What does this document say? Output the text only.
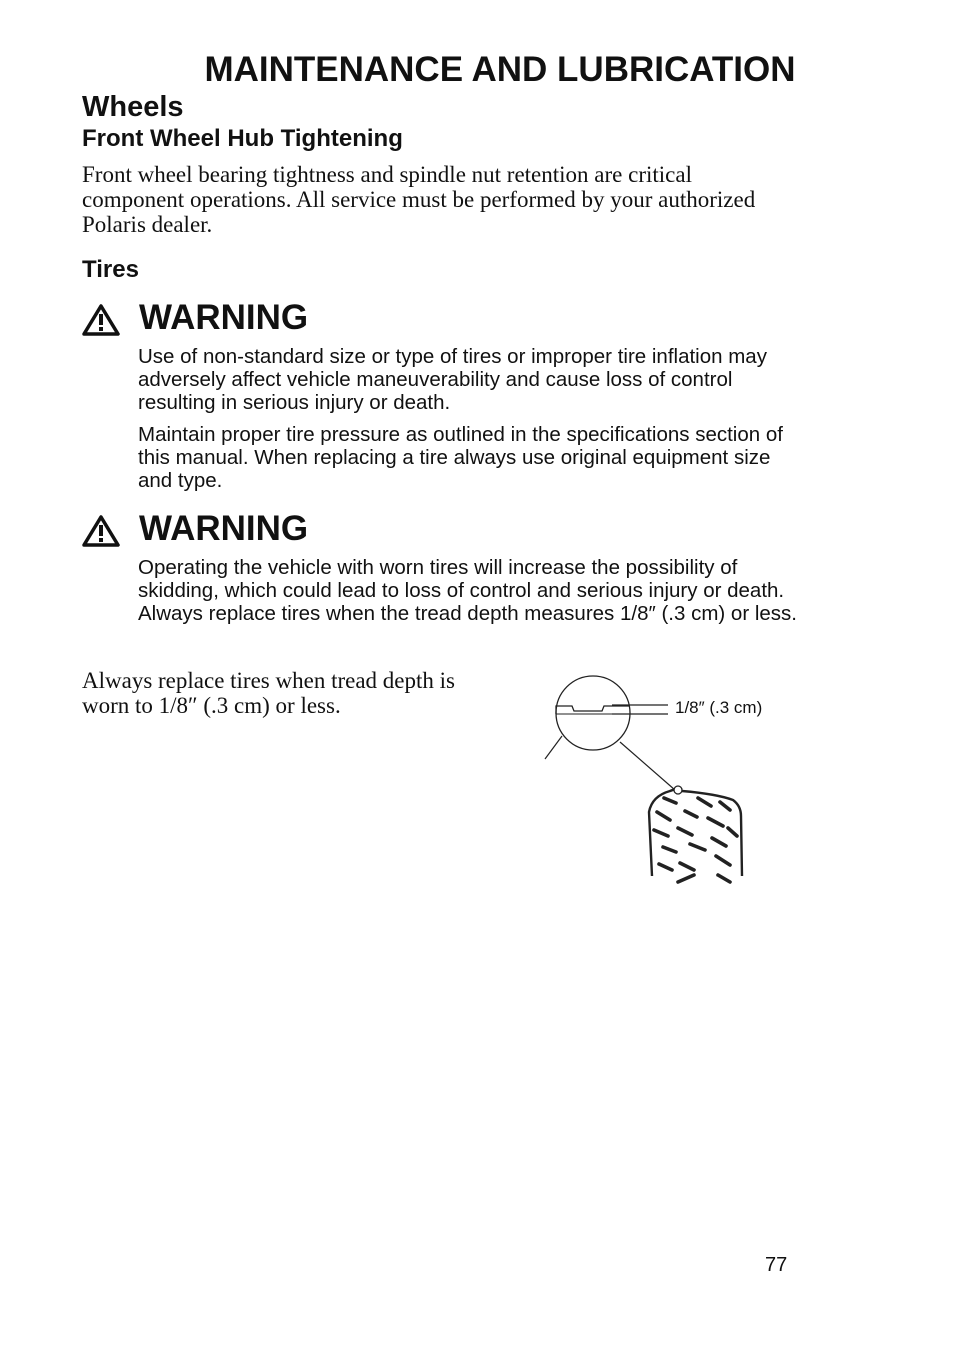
MAINTENANCE AND LUBRICATION
Wheels
Front Wheel Hub Tightening
Front wheel bearing tightness and spindle nut retention are critical component operations. All service must be performed by your authorized Polaris dealer.
Tires
WARNING
Use of non-standard size or type of tires or improper tire inflation may adversely affect vehicle maneuverability and cause loss of control resulting in serious injury or death.
Maintain proper tire pressure as outlined in the specifications section of this manual. When replacing a tire always use original equipment size and type.
WARNING
Operating the vehicle with worn tires will increase the possibility of skidding, which could lead to loss of control and serious injury or death. Always replace tires when the tread depth measures 1/8″ (.3 cm) or less.
Always replace tires when tread depth is worn to 1/8″ (.3 cm) or less.	1/8″ (.3 cm)
77
